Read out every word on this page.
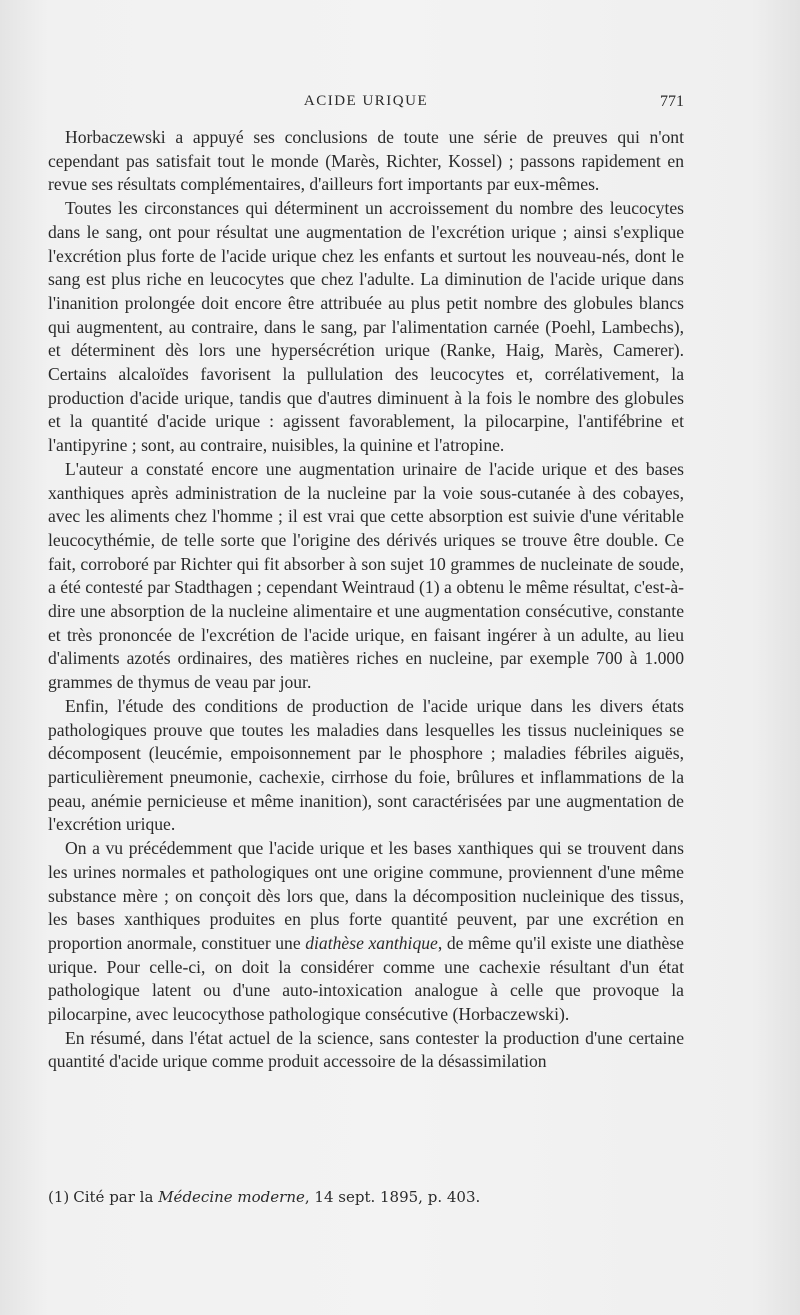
ACIDE URIQUE	771

Horbaczewski a appuyé ses conclusions de toute une série de preuves qui n'ont cependant pas satisfait tout le monde (Marès, Richter, Kossel) ; passons rapidement en revue ses résultats complémentaires, d'ailleurs fort importants par eux-mêmes.

Toutes les circonstances qui déterminent un accroissement du nombre des leucocytes dans le sang, ont pour résultat une augmentation de l'excrétion urique ; ainsi s'explique l'excrétion plus forte de l'acide urique chez les enfants et surtout les nouveau-nés, dont le sang est plus riche en leucocytes que chez l'adulte. La diminution de l'acide urique dans l'inanition prolongée doit encore être attribuée au plus petit nombre des globules blancs qui augmentent, au contraire, dans le sang, par l'alimentation carnée (Poehl, Lambechs), et déterminent dès lors une hypersécrétion urique (Ranke, Haig, Marès, Camerer). Certains alcaloïdes favorisent la pullulation des leucocytes et, corrélativement, la production d'acide urique, tandis que d'autres diminuent à la fois le nombre des globules et la quantité d'acide urique : agissent favorablement, la pilocarpine, l'antifébrine et l'antipyrine ; sont, au contraire, nuisibles, la quinine et l'atropine.

L'auteur a constaté encore une augmentation urinaire de l'acide urique et des bases xanthiques après administration de la nucleine par la voie sous-cutanée à des cobayes, avec les aliments chez l'homme ; il est vrai que cette absorption est suivie d'une véritable leucocythémie, de telle sorte que l'origine des dérivés uriques se trouve être double. Ce fait, corroboré par Richter qui fit absorber à son sujet 10 grammes de nucleinate de soude, a été contesté par Stadthagen ; cependant Weintraud (1) a obtenu le même résultat, c'est-à-dire une absorption de la nucleine alimentaire et une augmentation consécutive, constante et très prononcée de l'excrétion de l'acide urique, en faisant ingérer à un adulte, au lieu d'aliments azotés ordinaires, des matières riches en nucleine, par exemple 700 à 1.000 grammes de thymus de veau par jour.

Enfin, l'étude des conditions de production de l'acide urique dans les divers états pathologiques prouve que toutes les maladies dans lesquelles les tissus nucleiniques se décomposent (leucémie, empoisonnement par le phosphore ; maladies fébriles aiguës, particulièrement pneumonie, cachexie, cirrhose du foie, brûlures et inflammations de la peau, anémie pernicieuse et même inanition), sont caractérisées par une augmentation de l'excrétion urique.

On a vu précédemment que l'acide urique et les bases xanthiques qui se trouvent dans les urines normales et pathologiques ont une origine commune, proviennent d'une même substance mère ; on conçoit dès lors que, dans la décomposition nucleinique des tissus, les bases xanthiques produites en plus forte quantité peuvent, par une excrétion en proportion anormale, constituer une diathèse xanthique, de même qu'il existe une diathèse urique. Pour celle-ci, on doit la considérer comme une cachexie résultant d'un état pathologique latent ou d'une auto-intoxication analogue à celle que provoque la pilocarpine, avec leucocythose pathologique consécutive (Horbaczewski).

En résumé, dans l'état actuel de la science, sans contester la production d'une certaine quantité d'acide urique comme produit accessoire de la désassimilation

(1) Cité par la Médecine moderne, 14 sept. 1895, p. 403.
